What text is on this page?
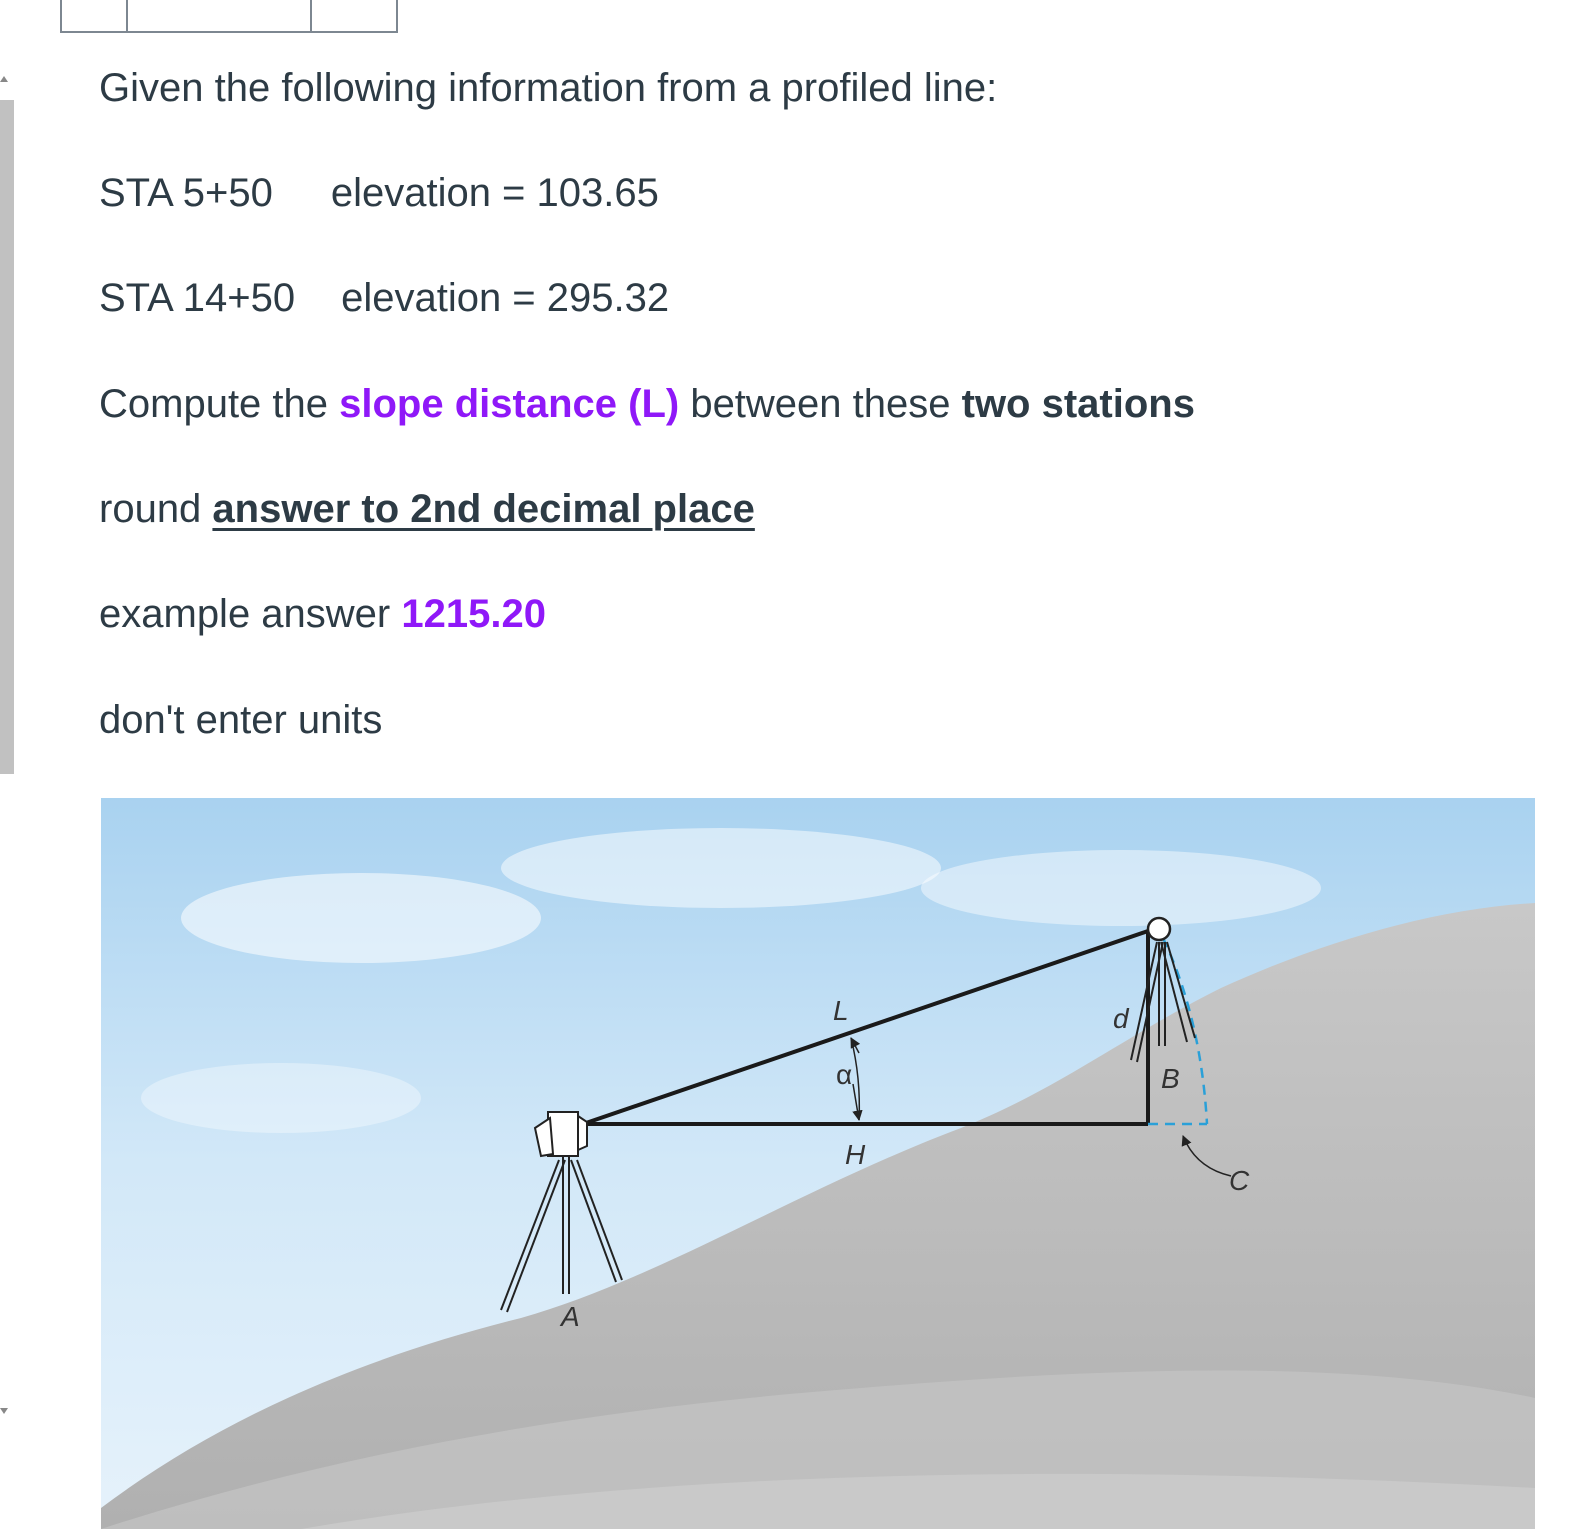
Given the following information from a profiled line:
STA 5+50 elevation = 103.65
STA 14+50 elevation = 295.32
Compute the slope distance (L) between these two stations
round answer to 2nd decimal place
example answer 1215.20
don't enter units
L
α
H
d
B
C
A
